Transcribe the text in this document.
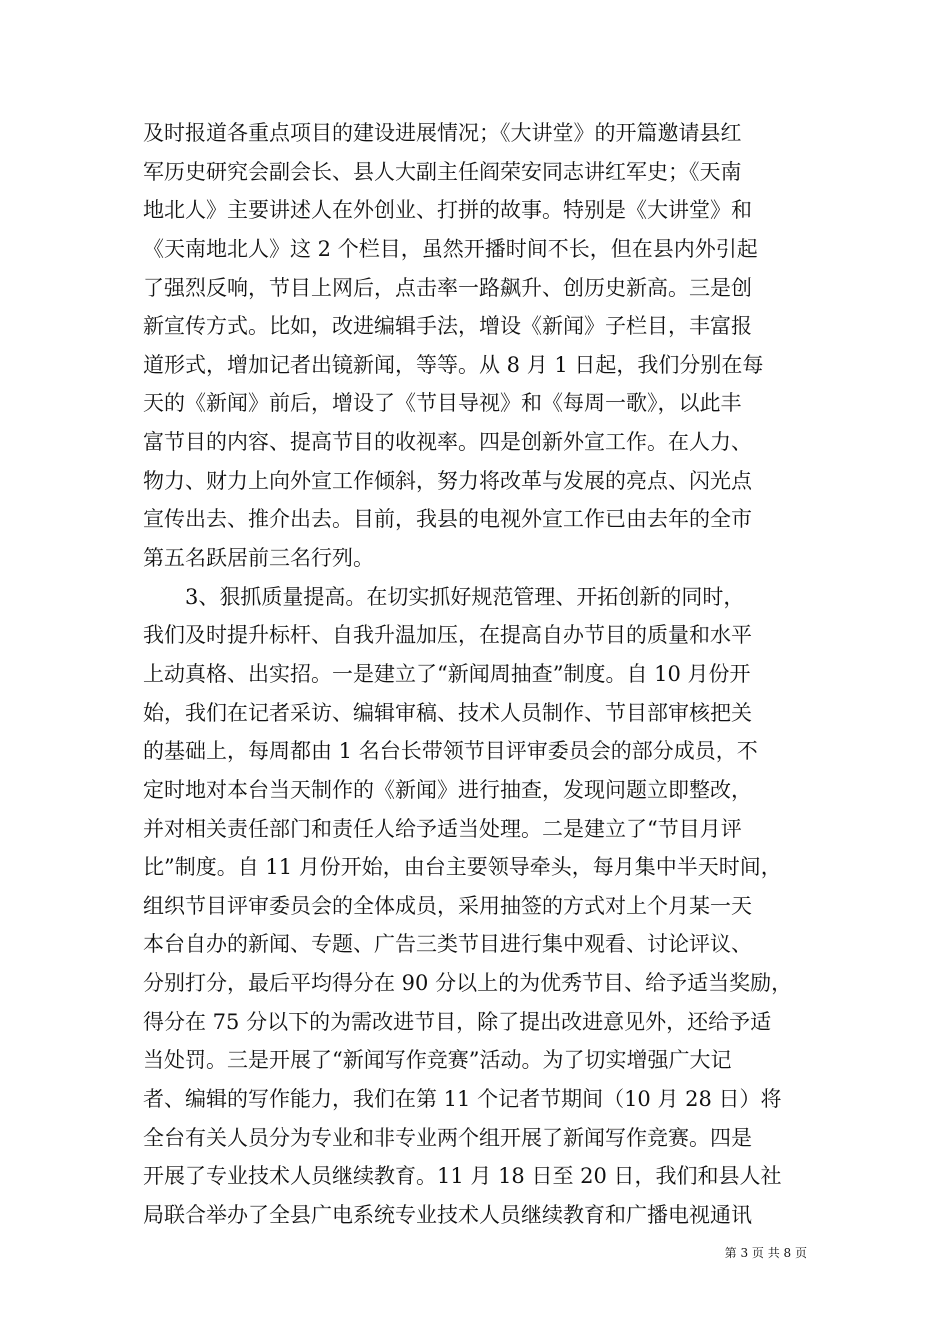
及时报道各重点项目的建设进展情况；《大讲堂》的开篇邀请县红
军历史研究会副会长、县人大副主任阎荣安同志讲红军史；《天南
地北人》主要讲述人在外创业、打拼的故事。特别是《大讲堂》和
《天南地北人》这 2 个栏目，虽然开播时间不长，但在县内外引起
了强烈反响，节目上网后，点击率一路飙升、创历史新高。三是创
新宣传方式。比如，改进编辑手法，增设《新闻》子栏目，丰富报
道形式，增加记者出镜新闻，等等。从 8 月 1 日起，我们分别在每
天的《新闻》前后，增设了《节目导视》和《每周一歌》，以此丰
富节目的内容、提高节目的收视率。四是创新外宣工作。在人力、
物力、财力上向外宣工作倾斜，努力将改革与发展的亮点、闪光点
宣传出去、推介出去。目前，我县的电视外宣工作已由去年的全市
第五名跃居前三名行列。
3、狠抓质量提高。在切实抓好规范管理、开拓创新的同时，
我们及时提升标杆、自我升温加压，在提高自办节目的质量和水平
上动真格、出实招。一是建立了“新闻周抽查”制度。自 10 月份开
始，我们在记者采访、编辑审稿、技术人员制作、节目部审核把关
的基础上，每周都由 1 名台长带领节目评审委员会的部分成员，不
定时地对本台当天制作的《新闻》进行抽查，发现问题立即整改，
并对相关责任部门和责任人给予适当处理。二是建立了“节目月评
比”制度。自 11 月份开始，由台主要领导牵头，每月集中半天时间，
组织节目评审委员会的全体成员，采用抽签的方式对上个月某一天
本台自办的新闻、专题、广告三类节目进行集中观看、讨论评议、
分别打分，最后平均得分在 90 分以上的为优秀节目、给予适当奖励，
得分在 75 分以下的为需改进节目，除了提出改进意见外，还给予适
当处罚。三是开展了“新闻写作竞赛”活动。为了切实增强广大记
者、编辑的写作能力，我们在第 11 个记者节期间（10 月 28 日）将
全台有关人员分为专业和非专业两个组开展了新闻写作竞赛。四是
开展了专业技术人员继续教育。11 月 18 日至 20 日，我们和县人社
局联合举办了全县广电系统专业技术人员继续教育和广播电视通讯
第 3 页 共 8 页
